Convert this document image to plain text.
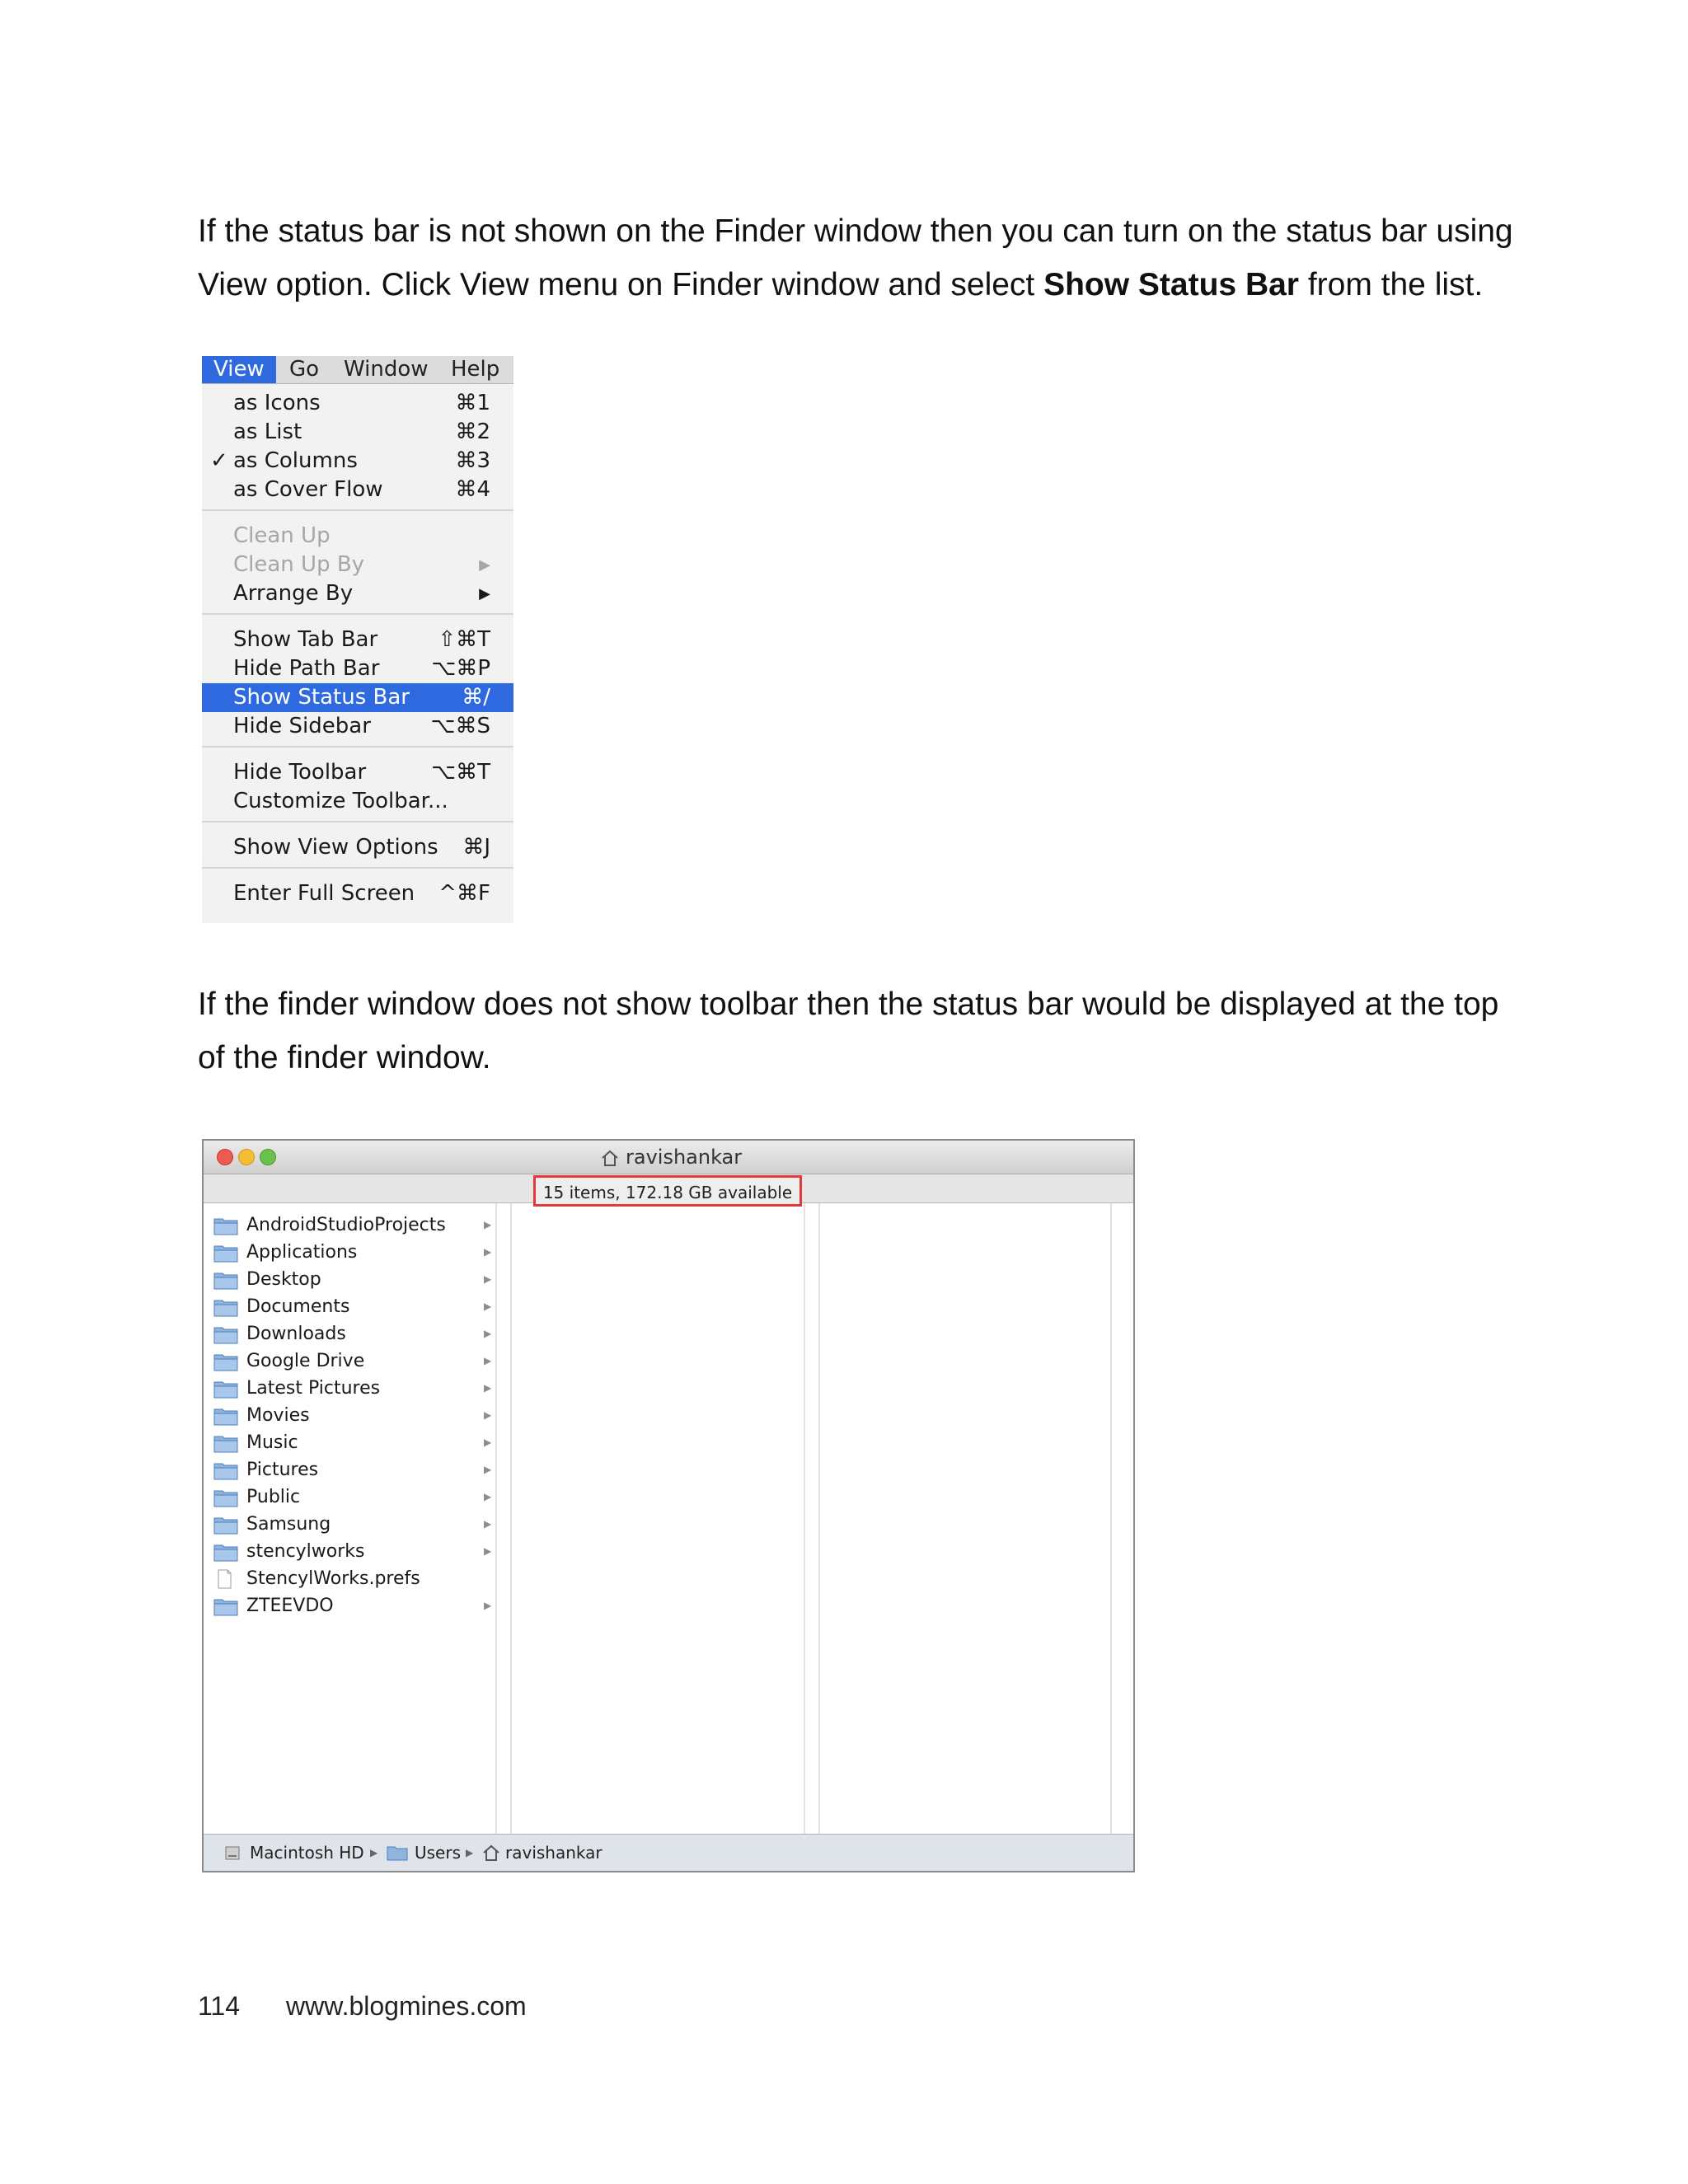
If the status bar is not shown on the Finder window then you can turn on the status bar using View option. Click View menu on Finder window and select Show Status Bar from the list.

View	Go Window Help
as Icons	⌘1
as List	⌘2
✓ as Columns	⌘3
as Cover Flow	⌘4
Clean Up
Clean Up By	▶
Arrange By	▶
Show Tab Bar	⇧⌘T
Hide Path Bar ⌥⌘P
Show Status Bar ⌘/
Hide Sidebar	⌥⌘S
Hide Toolbar	⌥⌘T
Customize Toolbar...
Show View Options ⌘J
Enter Full Screen ^⌘F

If the finder window does not show toolbar then the status bar would be displayed at the top of the finder window.

ravishankar
15 items, 172.18 GB available
AndroidStudioProjects	▶
Applications	▶
Desktop	▶
Documents	▶
Downloads	▶
Google Drive	▶
Latest Pictures	▶
Movies	▶
Music	▶
Pictures	▶
Public	▶
Samsung	▶
stencylworks	▶
StencylWorks.prefs
ZTEEVDO	▶
Macintosh HD ▶ Users ▶ ravishankar
114 www.blogmines.com
